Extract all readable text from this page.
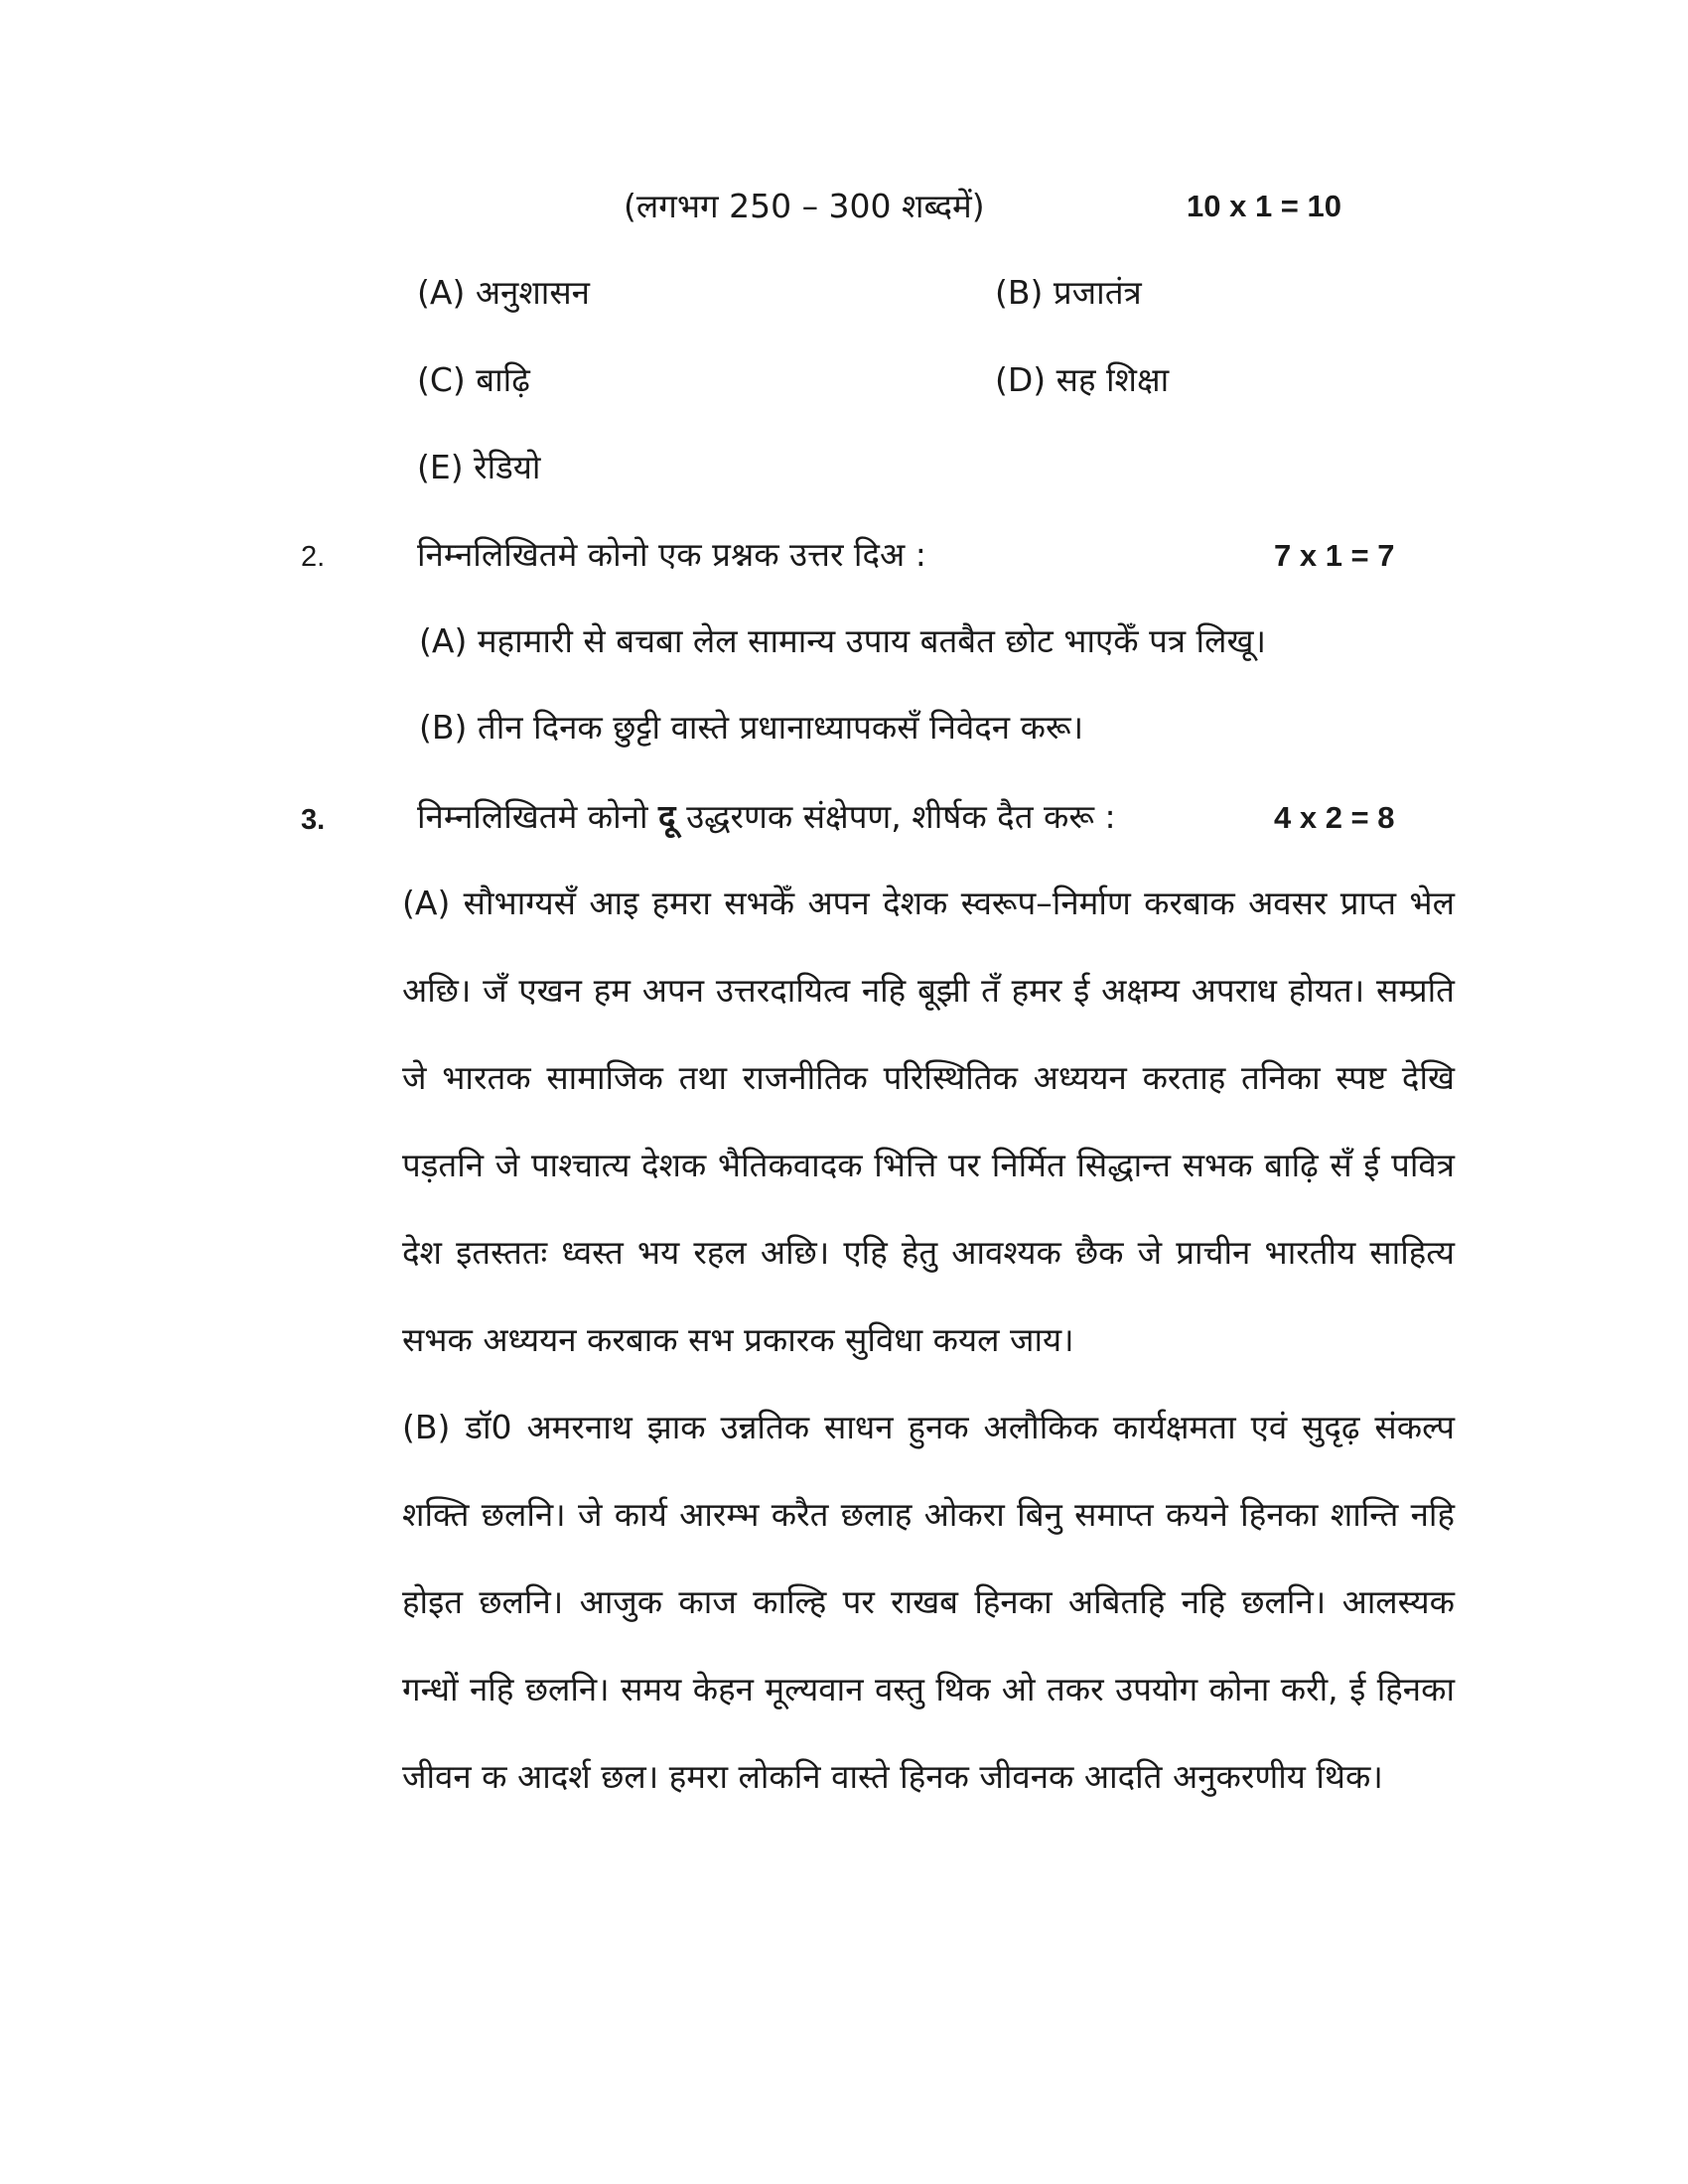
(लगभग 250 – 300 शब्दमें)	10 x 1 = 10
(A) अनुशासन	(B) प्रजातंत्र
(C) बाढ़ि	(D) सह शिक्षा
(E) रेडियो
2.	निम्नलिखितमे कोनो एक प्रश्नक उत्तर दिअ :	7 x 1 = 7
(A) महामारी से बचबा लेल सामान्य उपाय बतबैत छोट भाएकेँ पत्र लिखू।
(B) तीन दिनक छुट्टी वास्ते प्रधानाध्यापकसँ निवेदन करू।
3.	निम्नलिखितमे कोनो दू उद्धरणक संक्षेपण, शीर्षक दैत करू :	4 x 2 = 8

(A) सौभाग्यसँ आइ हमरा सभकेँ अपन देशक स्वरूप–निर्माण करबाक अवसर प्राप्त भेल अछि। जँ एखन हम अपन उत्तरदायित्व नहि बूझी तँ हमर ई अक्षम्य अपराध होयत। सम्प्रति जे भारतक सामाजिक तथा राजनीतिक परिस्थितिक अध्ययन करताह तनिका स्पष्ट देखि पड़तनि जे पाश्चात्य देशक भैतिकवादक भित्ति पर निर्मित सिद्धान्त सभक बाढ़ि सँ ई पवित्र देश इतस्ततः ध्वस्त भय रहल अछि। एहि हेतु आवश्यक छैक जे प्राचीन भारतीय साहित्य सभक अध्ययन करबाक सभ प्रकारक सुविधा कयल जाय।

(B) डॉ0 अमरनाथ झाक उन्नतिक साधन हुनक अलौकिक कार्यक्षमता एवं सुदृढ़ संकल्प शक्ति छलनि। जे कार्य आरम्भ करैत छलाह ओकरा बिनु समाप्त कयने हिनका शान्ति नहि होइत छलनि। आजुक काज काल्हि पर राखब हिनका अबितहि नहि छलनि। आलस्यक गन्धों नहि छलनि। समय केहन मूल्यवान वस्तु थिक ओ तकर उपयोग कोना करी, ई हिनका जीवन क आदर्श छल। हमरा लोकनि वास्ते हिनक जीवनक आदति अनुकरणीय थिक।
